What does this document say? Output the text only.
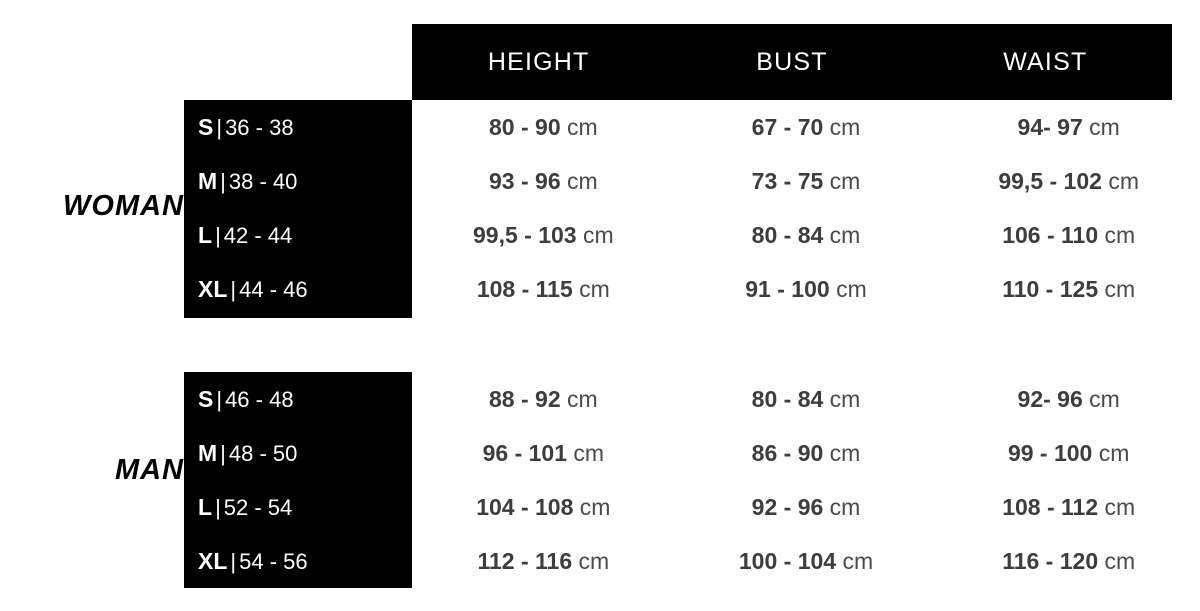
HEIGHT	BUST	WAIST
WOMAN
S | 36 - 38	80 - 90 cm	67 - 70 cm	94- 97 cm
M | 38 - 40	93 - 96 cm	73 - 75 cm	99,5 - 102 cm
L | 42 - 44	99,5 - 103 cm	80 - 84 cm	106 - 110 cm
XL | 44 - 46	108 - 115 cm	91 - 100 cm	110 - 125 cm
MAN
S | 46 - 48	88 - 92 cm	80 - 84 cm	92- 96 cm
M | 48 - 50	96 - 101 cm	86 - 90 cm	99 - 100 cm
L | 52 - 54	104 - 108 cm	92 - 96 cm	108 - 112 cm
XL | 54 - 56	112 - 116 cm	100 - 104 cm	116 - 120 cm
